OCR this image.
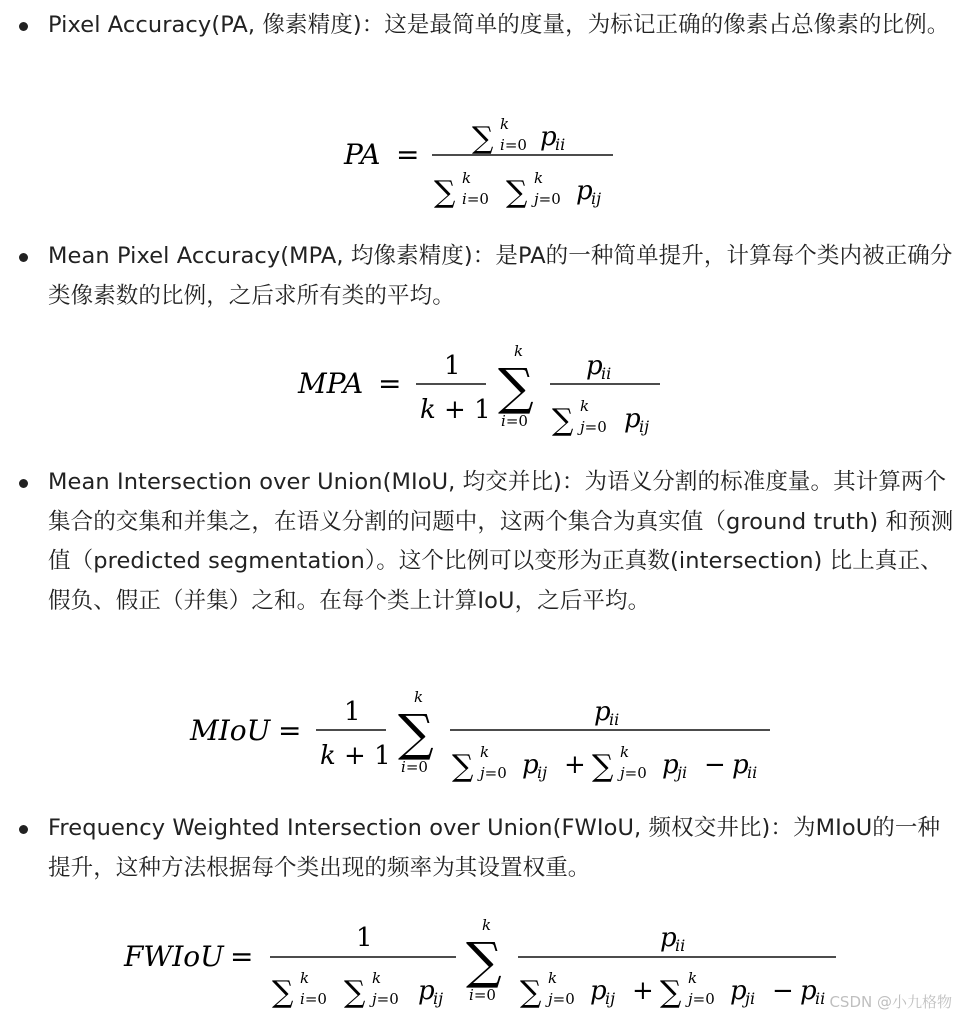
Pixel Accuracy(PA, 像素精度)：这是最简单的度量，为标记正确的像素占总像素的比例。
PA = ∑ k
i=0 p
ii
∑ k
i=0 ∑ k
j=0 p
ij
Mean Pixel Accuracy(MPA, 均像素精度)：是PA的一种简单提升，计算每个类内被正确分类像素数的比例，之后求所有类的平均。
MPA =
1
k + 1
k
∑
i=0
p
ii
∑ k
j=0 p
ij
Mean Intersection over Union(MIoU, 均交并比)：为语义分割的标准度量。其计算两个集合的交集和并集之，在语义分割的问题中，这两个集合为真实值（ground truth) 和预测值（predicted segmentation）。这个比例可以变形为正真数(intersection) 比上真正、假负、假正（并集）之和。在每个类上计算IoU，之后平均。
MIoU =
1
k + 1
k
∑
i=0
p
ii
∑ k
j=0 p
ij + ∑ k
j=0 p
ji − p
ii
Frequency Weighted Intersection over Union(FWIoU, 频权交井比)：为MIoU的一种提升，这种方法根据每个类出现的频率为其设置权重。
FWIoU =
1
∑ k
i=0 ∑ k
j=0 p
ij
k
∑
i=0
p
ii
∑ k
j=0 p
ij + ∑ k
j=0 p
ji − p
ii CSDN @小九格物
